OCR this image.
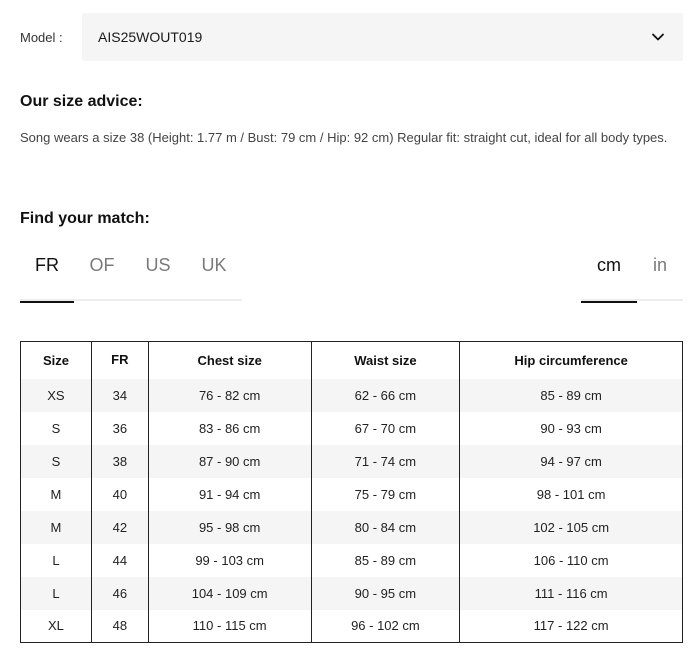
Model :	AIS25WOUT019
Our size advice:

Song wears a size 38 (Height: 1.77 m / Bust: 79 cm / Hip: 92 cm) Regular fit: straight cut, ideal for all body types.

Find your match:
FR	OF	US	UK	cm	in
Size	FR	Chest size	Waist size	Hip circumference
XS	34	76 - 82 cm	62 - 66 cm	85 - 89 cm
S	36	83 - 86 cm	67 - 70 cm	90 - 93 cm
S	38	87 - 90 cm	71 - 74 cm	94 - 97 cm
M	40	91 - 94 cm	75 - 79 cm	98 - 101 cm
M	42	95 - 98 cm	80 - 84 cm	102 - 105 cm
L	44	99 - 103 cm	85 - 89 cm	106 - 110 cm
L	46	104 - 109 cm	90 - 95 cm	111 - 116 cm
XL	48	110 - 115 cm	96 - 102 cm	117 - 122 cm
